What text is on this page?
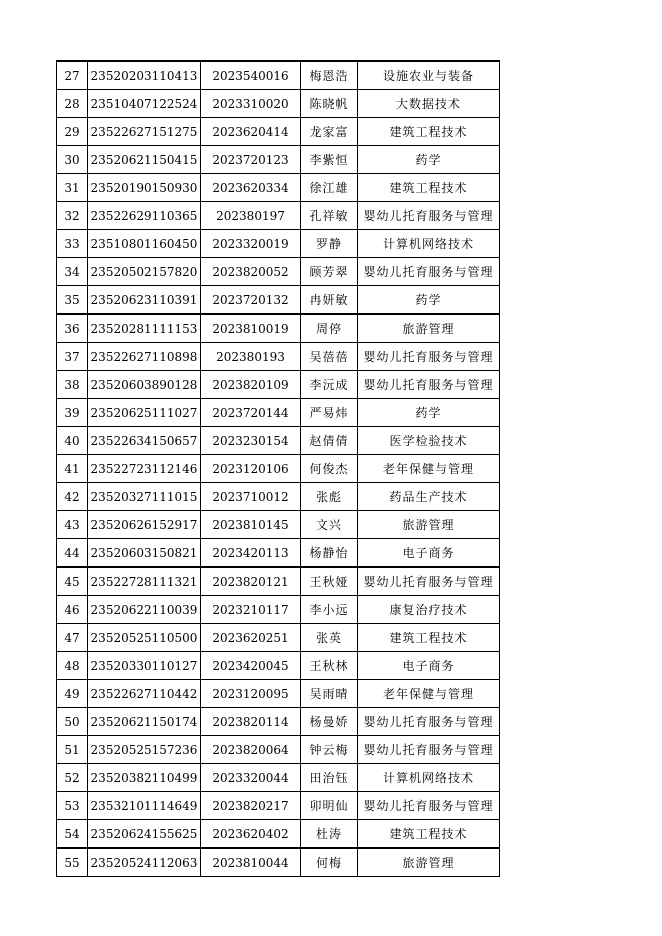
27	23520203110413	2023540016	梅恩浩	设施农业与装备
28	23510407122524	2023310020	陈晓帆	大数据技术
29	23522627151275	2023620414	龙家富	建筑工程技术
30	23520621150415	2023720123	李紫恒	药学
31	23520190150930	2023620334	徐江雄	建筑工程技术
32	23522629110365	202380197	孔祥敏	婴幼儿托育服务与管理
33	23510801160450	2023320019	罗静	计算机网络技术
34	23520502157820	2023820052	顾芳翠	婴幼儿托育服务与管理
35	23520623110391	2023720132	冉妍敏	药学
36	23520281111153	2023810019	周停	旅游管理
37	23522627110898	202380193	吴蓓蓓	婴幼儿托育服务与管理
38	23520603890128	2023820109	李沅成	婴幼儿托育服务与管理
39	23520625111027	2023720144	严易炜	药学
40	23522634150657	2023230154	赵倩倩	医学检验技术
41	23522723112146	2023120106	何俊杰	老年保健与管理
42	23520327111015	2023710012	张彪	药品生产技术
43	23520626152917	2023810145	文兴	旅游管理
44	23520603150821	2023420113	杨静怡	电子商务
45	23522728111321	2023820121	王秋娅	婴幼儿托育服务与管理
46	23520622110039	2023210117	李小远	康复治疗技术
47	23520525110500	2023620251	张英	建筑工程技术
48	23520330110127	2023420045	王秋林	电子商务
49	23522627110442	2023120095	吴雨晴	老年保健与管理
50	23520621150174	2023820114	杨曼娇	婴幼儿托育服务与管理
51	23520525157236	2023820064	钟云梅	婴幼儿托育服务与管理
52	23520382110499	2023320044	田治钰	计算机网络技术
53	23532101114649	2023820217	卯明仙	婴幼儿托育服务与管理
54	23520624155625	2023620402	杜涛	建筑工程技术
55	23520524112063	2023810044	何梅	旅游管理
